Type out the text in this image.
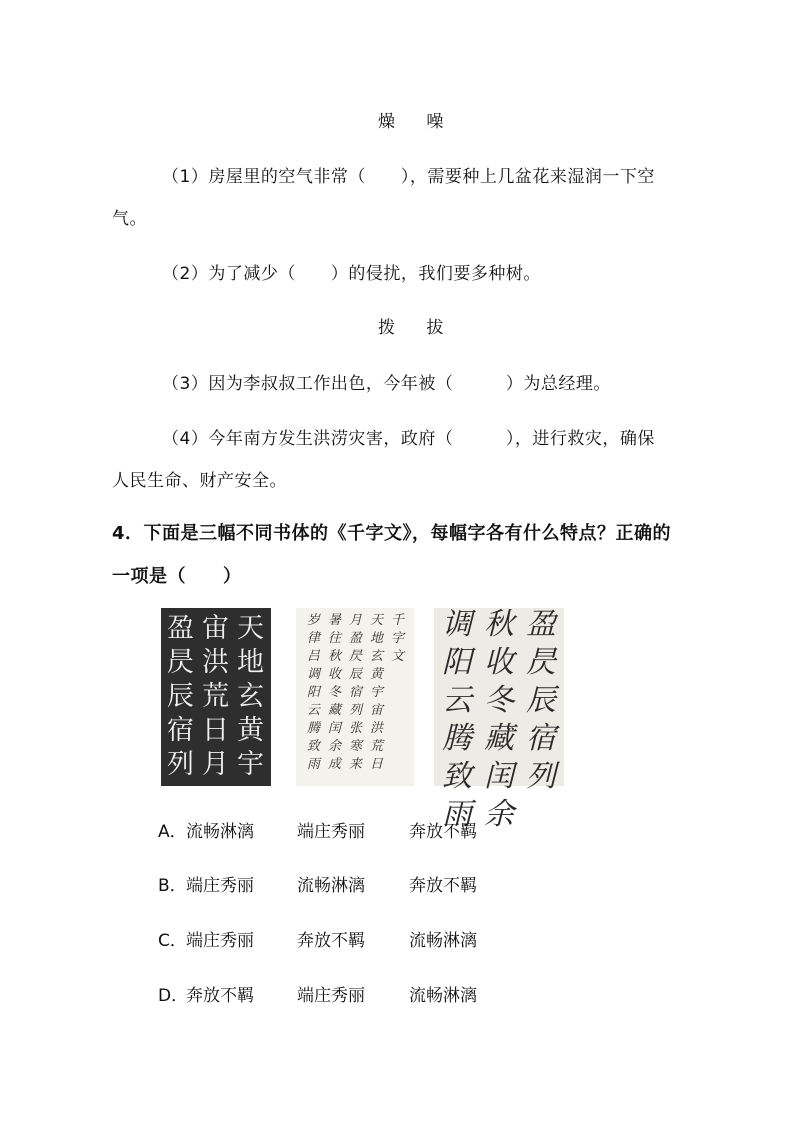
燥 噪
（1）房屋里的空气非常（　　），需要种上几盆花来湿润一下空
气。
（2）为了减少（　　）的侵扰，我们要多种树。
拨 拔
（3）因为李叔叔工作出色，今年被（　　　）为总经理。
（4）今年南方发生洪涝灾害，政府（　　　），进行救灾，确保
人民生命、财产安全。
4．下面是三幅不同书体的《千字文》，每幅字各有什么特点？正确的
一项是（　　）
天
地
玄
黄
宇
宙
洪
荒
日
月
盈
昃
辰
宿
列
千
字
文
天
地
玄
黄
宇
宙
洪
荒
日
月
盈
昃
辰
宿
列
张
寒
来
暑
往
秋
收
冬
藏
闰
余
成
岁
律
吕
调
阳
云
腾
致
雨
盈
昃
辰
宿
列
秋
收
冬
藏
闰
余
调
阳
云
腾
致
雨
A． 流畅淋漓	端庄秀丽	奔放不羁
B． 端庄秀丽	流畅淋漓	奔放不羁
C． 端庄秀丽	奔放不羁	流畅淋漓
D．
奔放不羁	端庄秀丽	流畅淋漓
